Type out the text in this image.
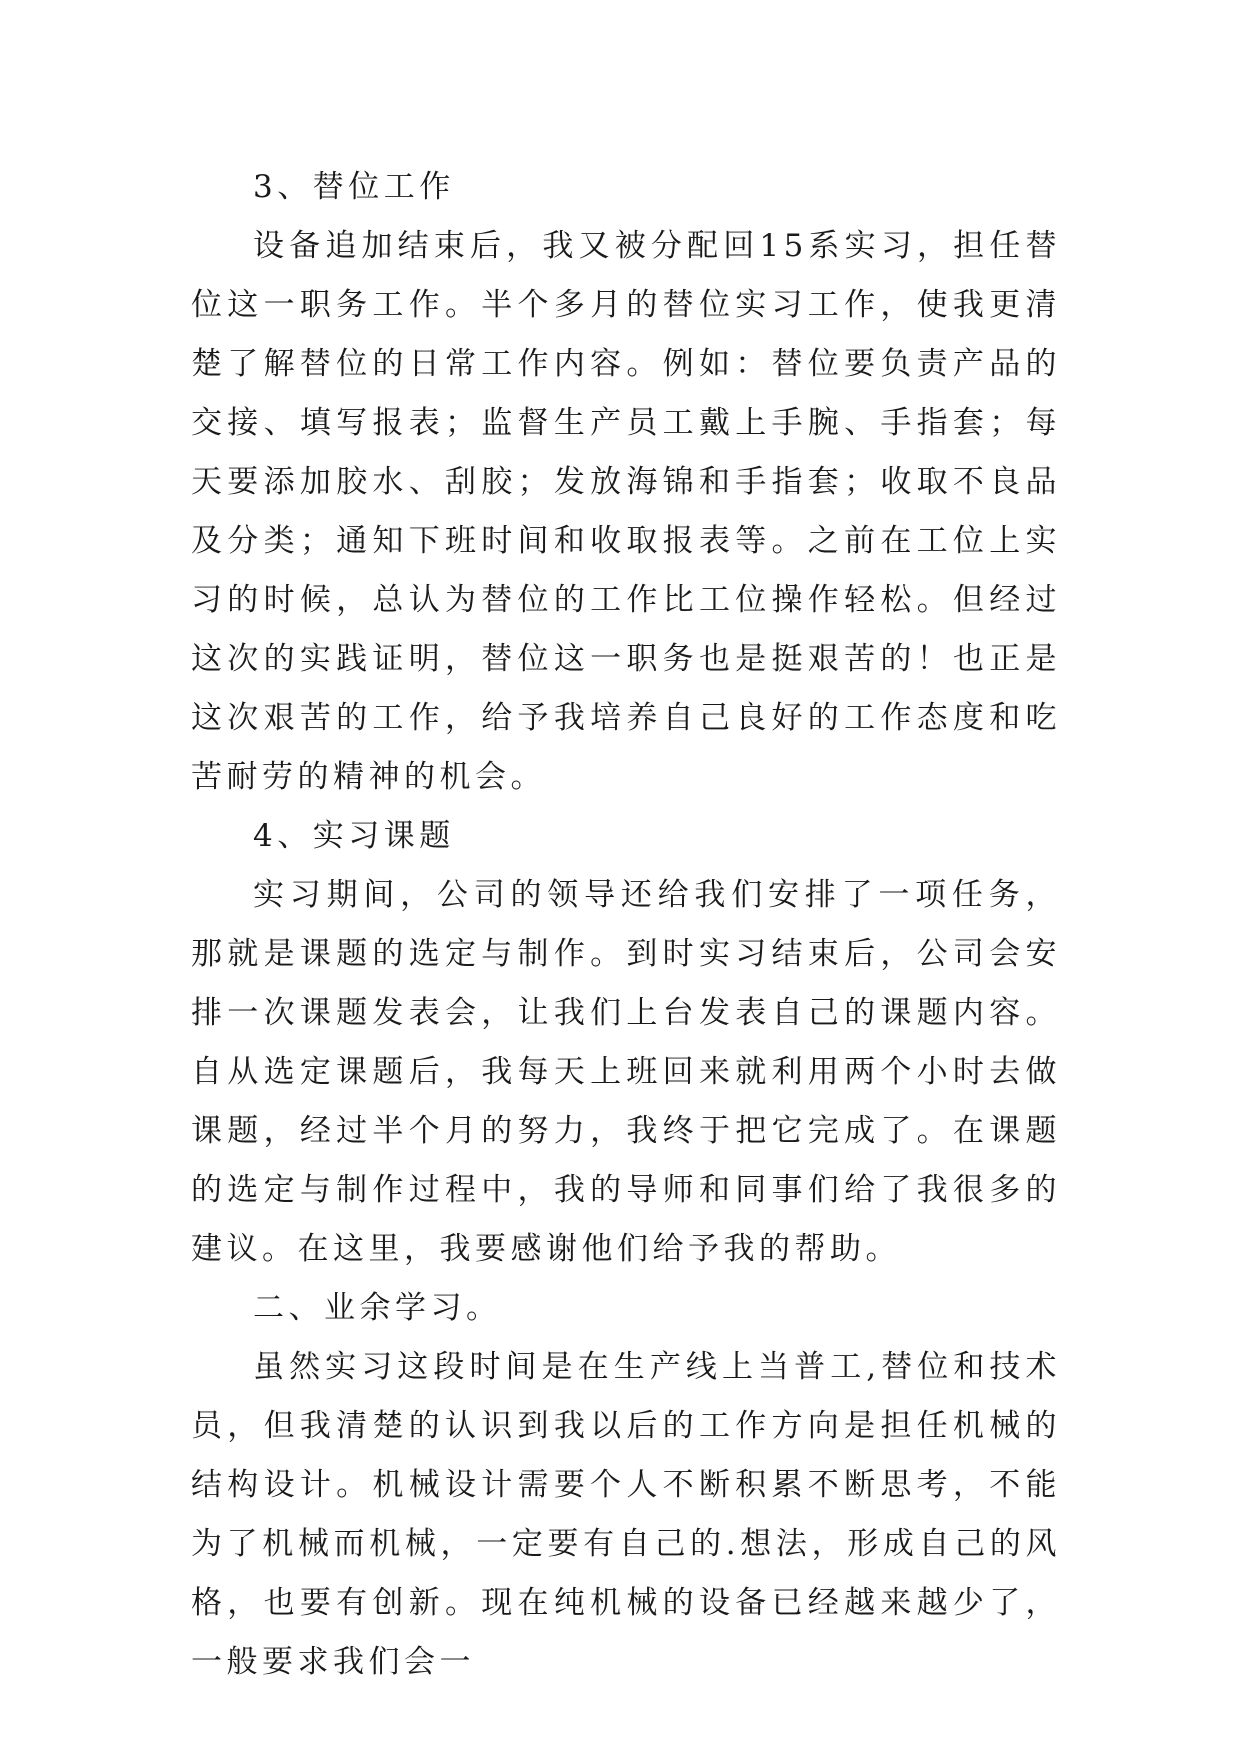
3、替位工作

设备追加结束后，我又被分配回15系实习，担任替位这一职务工作。半个多月的替位实习工作，使我更清楚了解替位的日常工作内容。例如：替位要负责产品的交接、填写报表；监督生产员工戴上手腕、手指套；每天要添加胶水、刮胶；发放海锦和手指套；收取不良品及分类；通知下班时间和收取报表等。之前在工位上实习的时候，总认为替位的工作比工位操作轻松。但经过这次的实践证明，替位这一职务也是挺艰苦的！也正是这次艰苦的工作，给予我培养自己良好的工作态度和吃苦耐劳的精神的机会。

4、实习课题

实习期间，公司的领导还给我们安排了一项任务，那就是课题的选定与制作。到时实习结束后，公司会安排一次课题发表会，让我们上台发表自己的课题内容。自从选定课题后，我每天上班回来就利用两个小时去做课题，经过半个月的努力，我终于把它完成了。在课题的选定与制作过程中，我的导师和同事们给了我很多的建议。在这里，我要感谢他们给予我的帮助。

二、业余学习。

虽然实习这段时间是在生产线上当普工,替位和技术员，但我清楚的认识到我以后的工作方向是担任机械的结构设计。机械设计需要个人不断积累不断思考，不能为了机械而机械，一定要有自己的.想法，形成自己的风格，也要有创新。现在纯机械的设备已经越来越少了，一般要求我们会一
